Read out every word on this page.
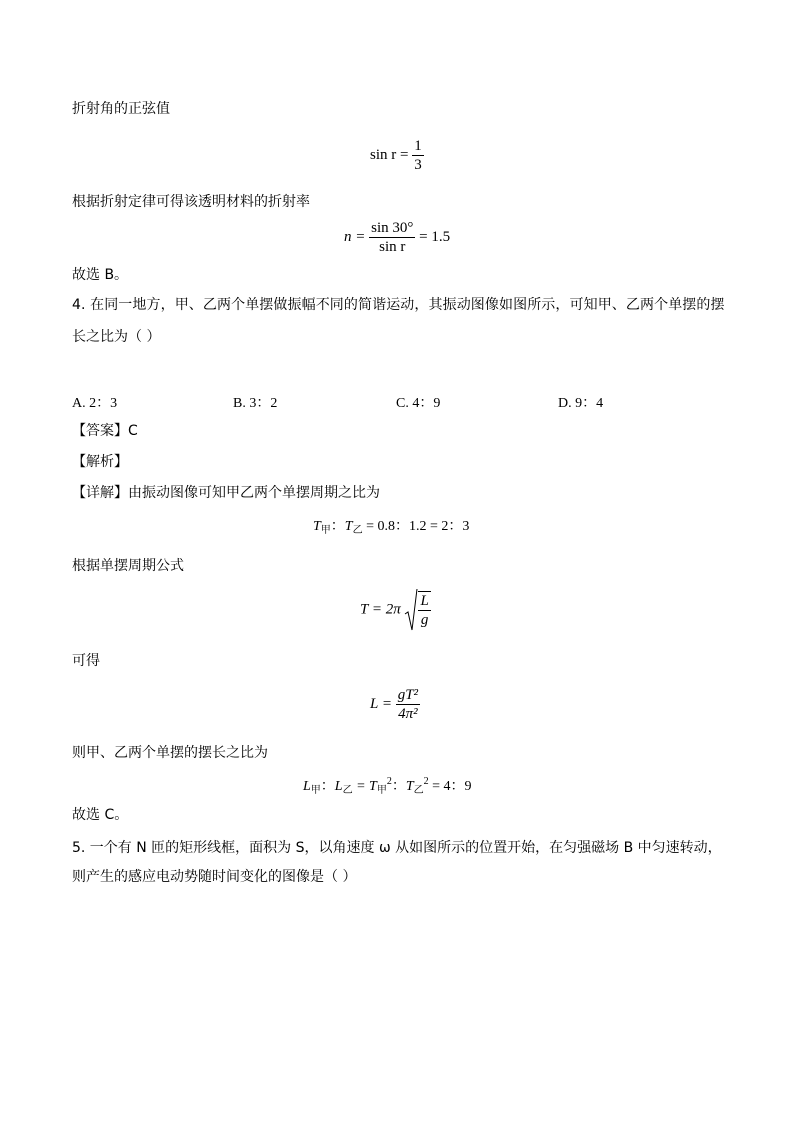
折射角的正弦值
$\sin r = \frac{1}{3}$
根据折射定律可得该透明材料的折射率
$n = \frac{\sin 30^\circ}{\text{sin r}} = 1.5$
故选 B。
4. 在同一地方，甲、乙两个单摆做振幅不同的简谐运动，其振动图像如图所示，可知甲、乙两个单摆的摆
长之比为（ ）
A. 2：3	B. 3：2	C. 4：9	D. 9：4
【答案】C
【解析】
【详解】由振动图像可知甲乙两个单摆周期之比为
$T_甲$：$T_乙 = 0.8$：1.2 = 2：3
根据单摆周期公式
$T = 2\pi \frac{L}{g}$
可得
$L = \frac{\text{gT²}}{\text{4π²}}$
则甲、乙两个单摆的摆长之比为
$L_甲$：$L_乙 = T_甲^2$：$T_乙^2 = 4$：9
故选 C。
5. 一个有 N 匝的矩形线框，面积为 S，以角速度 ω 从如图所示的位置开始，在匀强磁场 B 中匀速转动，
则产生的感应电动势随时间变化的图像是（ ）
